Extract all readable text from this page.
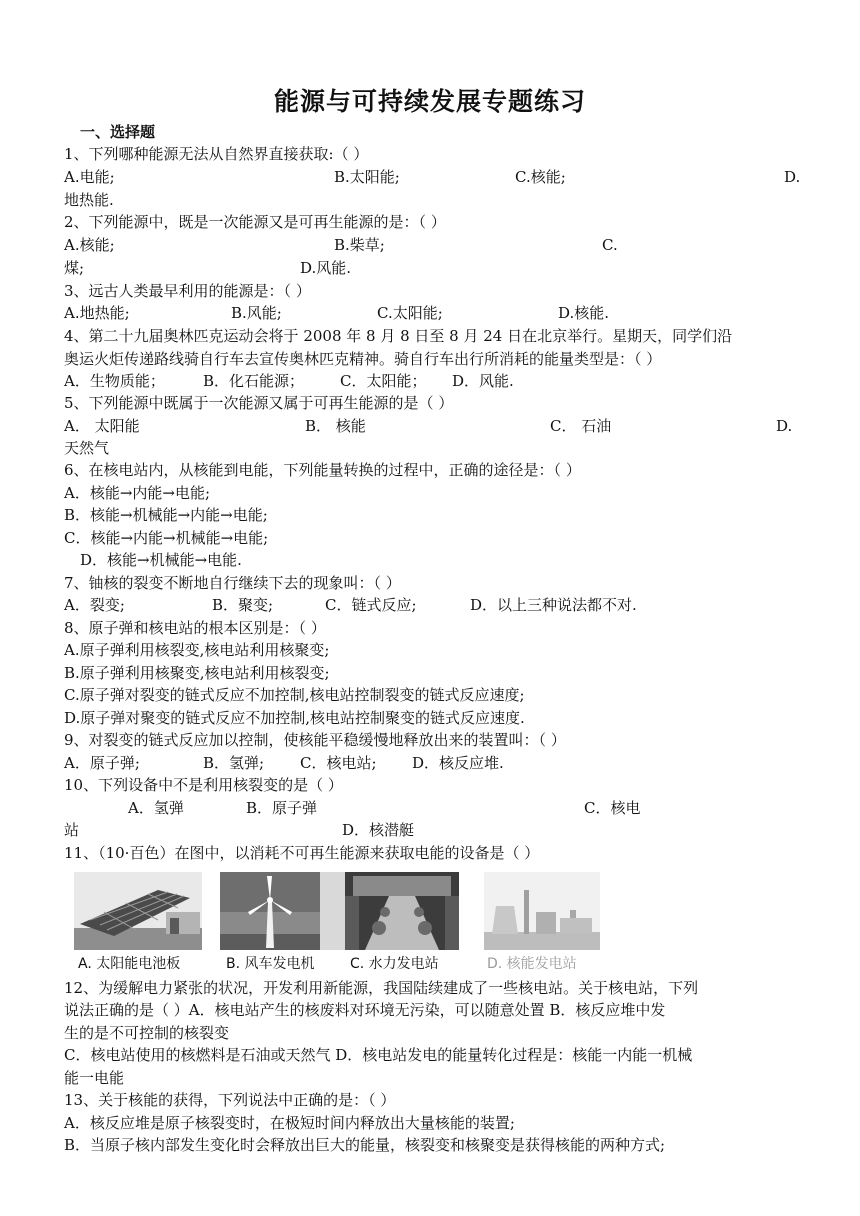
能源与可持续发展专题练习
一、选择题
1、下列哪种能源无法从自然界直接获取:（ ）
A.电能;	B.太阳能;	C.核能;	D.
地热能.
2、下列能源中，既是一次能源又是可再生能源的是：（ ）
A.核能;	B.柴草;	C.
煤;	D.风能.
3、远古人类最早利用的能源是：（ ）
A.地热能;	B.风能;	C.太阳能;	D.核能.
4、第二十九届奥林匹克运动会将于 2008 年 8 月 8 日至 8 月 24 日在北京举行。星期天，同学们沿
奥运火炬传递路线骑自行车去宣传奥林匹克精神。骑自行车出行所消耗的能量类型是：（ ）
A．生物质能；	B．化石能源； C．太阳能； D．风能.
5、下列能源中既属于一次能源又属于可再生能源的是（ ）
A． 太阳能	B． 核能	C． 石油	D.
天然气
6、在核电站内，从核能到电能，下列能量转换的过程中，正确的途径是：（ ）
A．核能→内能→电能;
B．核能→机械能→内能→电能;
C．核能→内能→机械能→电能;
D．核能→机械能→电能.
7、铀核的裂变不断地自行继续下去的现象叫：（ ）
A．裂变;	B．聚变;	C．链式反应;	D．以上三种说法都不对.
8、原子弹和核电站的根本区别是：（ ）
A.原子弹利用核裂变,核电站利用核聚变;
B.原子弹利用核聚变,核电站利用核裂变;
C.原子弹对裂变的链式反应不加控制,核电站控制裂变的链式反应速度;
D.原子弹对聚变的链式反应不加控制,核电站控制聚变的链式反应速度.
9、对裂变的链式反应加以控制，使核能平稳缓慢地释放出来的装置叫：（ ）
A．原子弹;	B．氢弹; C．核电站; D．核反应堆.
10、下列设备中不是利用核裂变的是（ ）
A．氢弹	B．原子弹	C．核电
站	D．核潜艇
11、（10·百色）在图中，以消耗不可再生能源来获取电能的设备是（ ）
A. 太阳能电池板	B. 风车发电机	C. 水力发电站	D. 核能发电站
12、为缓解电力紧张的状况，开发利用新能源，我国陆续建成了一些核电站。关于核电站，下列
说法正确的是（ ）A．核电站产生的核废料对环境无污染，可以随意处置 B．核反应堆中发
生的是不可控制的核裂变
C．核电站使用的核燃料是石油或天然气 D．核电站发电的能量转化过程是：核能一内能一机械
能一电能
13、关于核能的获得，下列说法中正确的是：（ ）
A．核反应堆是原子核裂变时，在极短时间内释放出大量核能的装置;
B．当原子核内部发生变化时会释放出巨大的能量，核裂变和核聚变是获得核能的两种方式;
